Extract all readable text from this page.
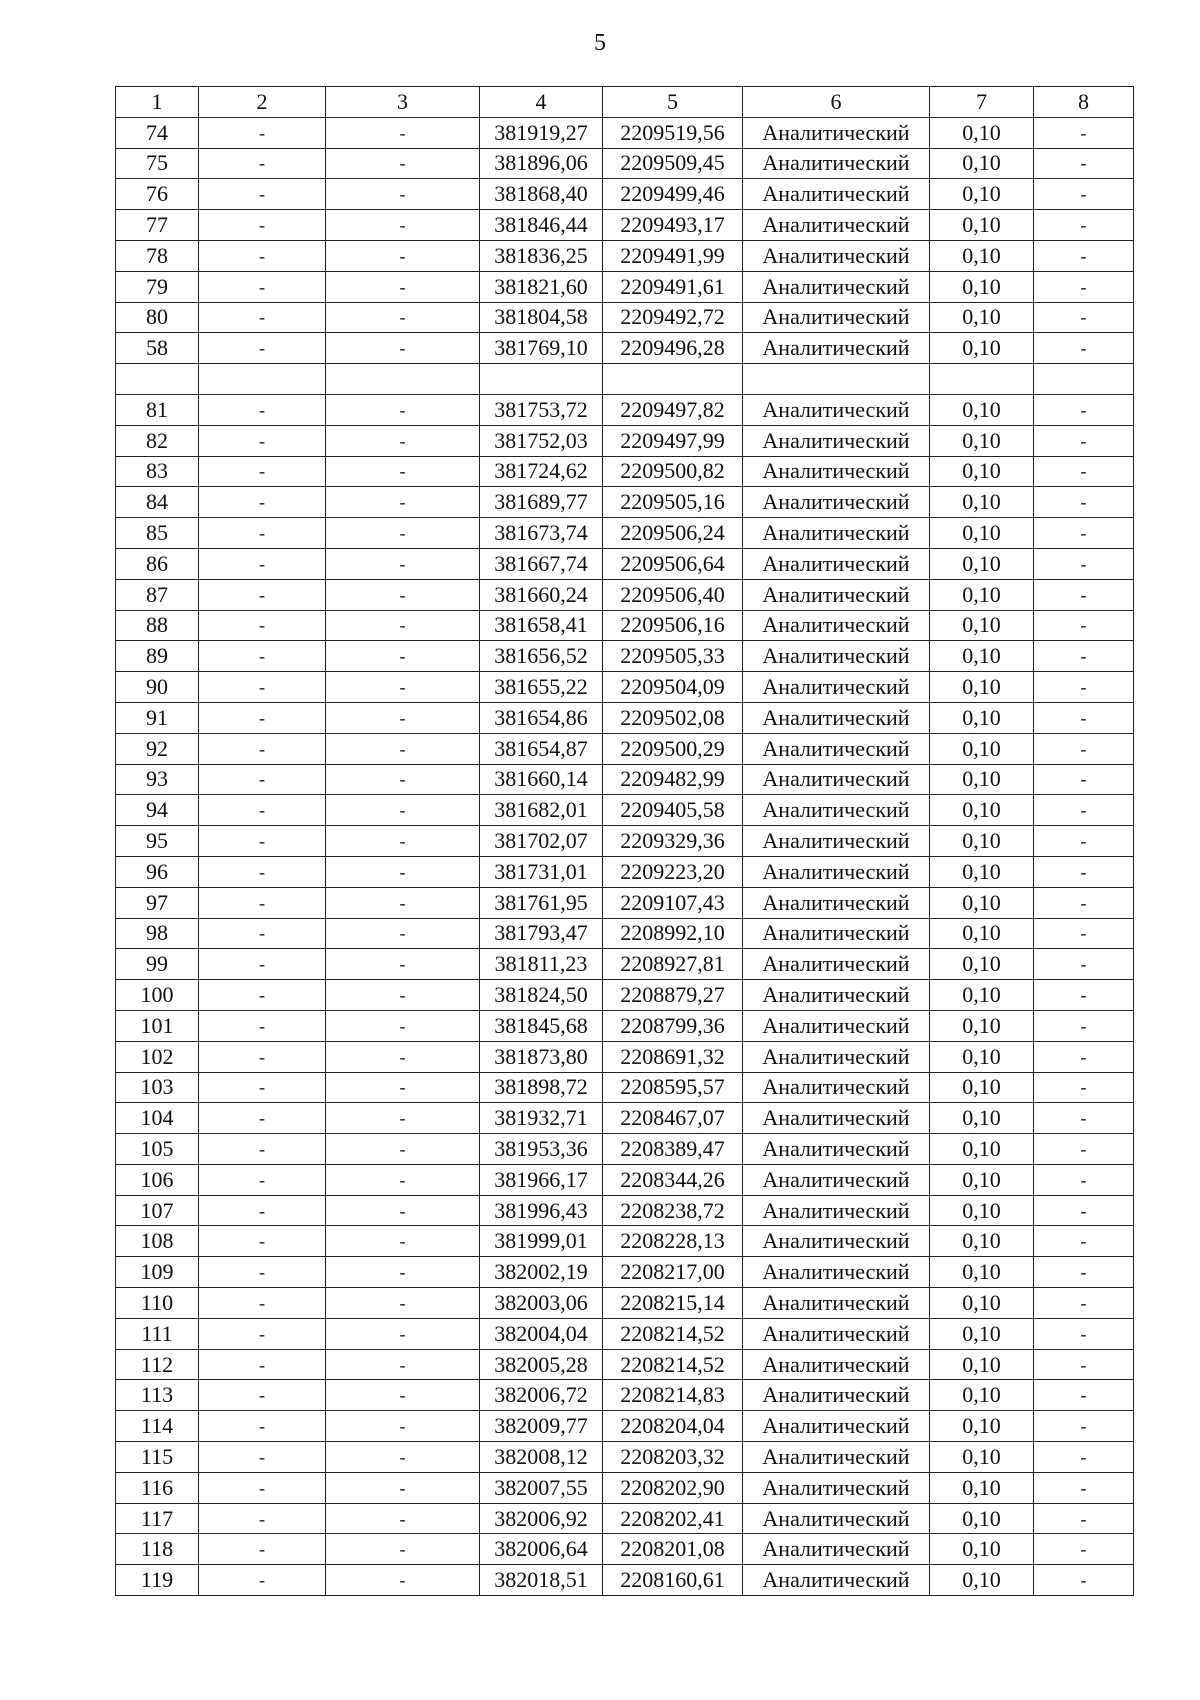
5
1	2	3	4	5	6	7	8
74	-	-	381919,27	2209519,56	Аналитический	0,10	-
75	-	-	381896,06	2209509,45	Аналитический	0,10	-
76	-	-	381868,40	2209499,46	Аналитический	0,10	-
77	-	-	381846,44	2209493,17	Аналитический	0,10	-
78	-	-	381836,25	2209491,99	Аналитический	0,10	-
79	-	-	381821,60	2209491,61	Аналитический	0,10	-
80	-	-	381804,58	2209492,72	Аналитический	0,10	-
58	-	-	381769,10	2209496,28	Аналитический	0,10	-

81	-	-	381753,72	2209497,82	Аналитический	0,10	-
82	-	-	381752,03	2209497,99	Аналитический	0,10	-
83	-	-	381724,62	2209500,82	Аналитический	0,10	-
84	-	-	381689,77	2209505,16	Аналитический	0,10	-
85	-	-	381673,74	2209506,24	Аналитический	0,10	-
86	-	-	381667,74	2209506,64	Аналитический	0,10	-
87	-	-	381660,24	2209506,40	Аналитический	0,10	-
88	-	-	381658,41	2209506,16	Аналитический	0,10	-
89	-	-	381656,52	2209505,33	Аналитический	0,10	-
90	-	-	381655,22	2209504,09	Аналитический	0,10	-
91	-	-	381654,86	2209502,08	Аналитический	0,10	-
92	-	-	381654,87	2209500,29	Аналитический	0,10	-
93	-	-	381660,14	2209482,99	Аналитический	0,10	-
94	-	-	381682,01	2209405,58	Аналитический	0,10	-
95	-	-	381702,07	2209329,36	Аналитический	0,10	-
96	-	-	381731,01	2209223,20	Аналитический	0,10	-
97	-	-	381761,95	2209107,43	Аналитический	0,10	-
98	-	-	381793,47	2208992,10	Аналитический	0,10	-
99	-	-	381811,23	2208927,81	Аналитический	0,10	-
100	-	-	381824,50	2208879,27	Аналитический	0,10	-
101	-	-	381845,68	2208799,36	Аналитический	0,10	-
102	-	-	381873,80	2208691,32	Аналитический	0,10	-
103	-	-	381898,72	2208595,57	Аналитический	0,10	-
104	-	-	381932,71	2208467,07	Аналитический	0,10	-
105	-	-	381953,36	2208389,47	Аналитический	0,10	-
106	-	-	381966,17	2208344,26	Аналитический	0,10	-
107	-	-	381996,43	2208238,72	Аналитический	0,10	-
108	-	-	381999,01	2208228,13	Аналитический	0,10	-
109	-	-	382002,19	2208217,00	Аналитический	0,10	-
110	-	-	382003,06	2208215,14	Аналитический	0,10	-
111	-	-	382004,04	2208214,52	Аналитический	0,10	-
112	-	-	382005,28	2208214,52	Аналитический	0,10	-
113	-	-	382006,72	2208214,83	Аналитический	0,10	-
114	-	-	382009,77	2208204,04	Аналитический	0,10	-
115	-	-	382008,12	2208203,32	Аналитический	0,10	-
116	-	-	382007,55	2208202,90	Аналитический	0,10	-
117	-	-	382006,92	2208202,41	Аналитический	0,10	-
118	-	-	382006,64	2208201,08	Аналитический	0,10	-
119	-	-	382018,51	2208160,61	Аналитический	0,10	-
